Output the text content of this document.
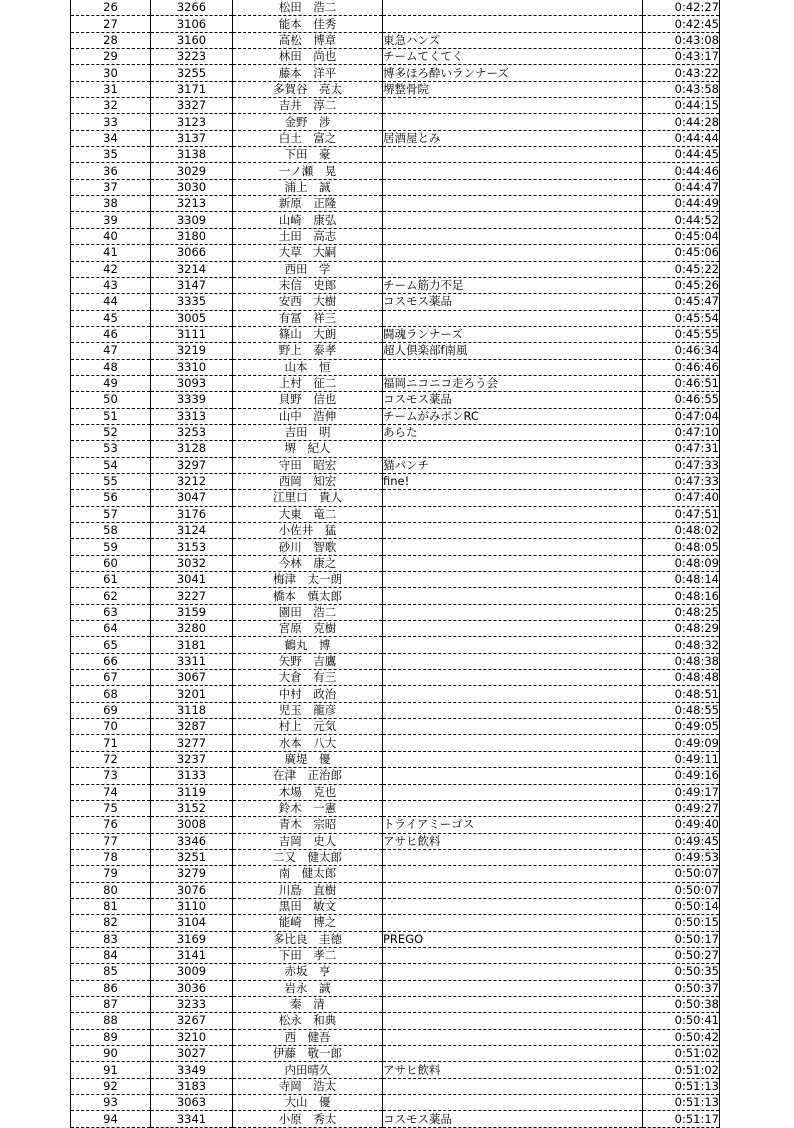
26	3266	松田　浩二		0:42:27
27	3106	能本　佳秀		0:42:45
28	3160	高松　博章	東急ハンズ	0:43:08
29	3223	林田　尚也	チームてくてく	0:43:17
30	3255	藤本　洋平	博多ほろ酔いランナーズ	0:43:22
31	3171	多賀谷　亮太	堺整骨院	0:43:58
32	3327	吉井　淳二		0:44:15
33	3123	金野　涉		0:44:28
34	3137	白土　富之	居酒屋とみ	0:44:44
35	3138	下田　豪		0:44:45
36	3029	一ノ瀬　晃		0:44:46
37	3030	浦上　誠		0:44:47
38	3213	新原　正隆		0:44:49
39	3309	山崎　康弘		0:44:52
40	3180	土田　高志		0:45:04
41	3066	大草　大嗣		0:45:06
42	3214	西田　学		0:45:22
43	3147	末信　史郎	チーム筋力不足	0:45:26
44	3335	安西　大樹	コスモス薬品	0:45:47
45	3005	有冨　祥三		0:45:54
46	3111	篠山　大朗	闘魂ランナーズ	0:45:55
47	3219	野上　泰孝	超人倶楽部f南風	0:46:34
48	3310	山本　恒		0:46:46
49	3093	上村　征二	福岡ニコニコ走ろう会	0:46:51
50	3339	貝野　信也	コスモス薬品	0:46:55
51	3313	山中　浩伸	チームがみポンRC	0:47:04
52	3253	吉田　明	あらた	0:47:10
53	3128	堺　紀人		0:47:31
54	3297	守田　昭宏	猫パンチ	0:47:33
55	3212	西岡　知宏	fine!	0:47:33
56	3047	江里口　貴人		0:47:40
57	3176	大東　竜二		0:47:51
58	3124	小佐井　猛		0:48:02
59	3153	砂川　智歌		0:48:05
60	3032	今林　康之		0:48:09
61	3041	梅津　太一朗		0:48:14
62	3227	橋本　慎太郎		0:48:16
63	3159	園田　浩二		0:48:25
64	3280	宮原　克樹		0:48:29
65	3181	鶴丸　博		0:48:32
66	3311	矢野　吉鷹		0:48:38
67	3067	大倉　有三		0:48:48
68	3201	中村　政治		0:48:51
69	3118	児玉　龍彦		0:48:55
70	3287	村上　元気		0:49:05
71	3277	水本　八大		0:49:09
72	3237	廣堤　優		0:49:11
73	3133	在津　正治郎		0:49:16
74	3119	木場　克也		0:49:17
75	3152	鈴木　一憲		0:49:27
76	3008	青木　宗昭	トライアミーゴス	0:49:40
77	3346	吉岡　史人	アサヒ飲料	0:49:45
78	3251	二又　健太郎		0:49:53
79	3279	南　健太郎		0:50:07
80	3076	川島　直樹		0:50:07
81	3110	黒田　敏文		0:50:14
82	3104	能崎　博之		0:50:15
83	3169	多比良　圭徳	PREGO	0:50:17
84	3141	下田　孝二		0:50:27
85	3009	赤坂　亨		0:50:35
86	3036	岩永　誠		0:50:37
87	3233	秦　清		0:50:38
88	3267	松永　和典		0:50:41
89	3210	西　健吾		0:50:42
90	3027	伊藤　敬一郎		0:51:02
91	3349	内田晴久	アサヒ飲料	0:51:02
92	3183	寺岡　浩太		0:51:13
93	3063	大山　優		0:51:13
94	3341	小原　秀太	コスモス薬品	0:51:17
